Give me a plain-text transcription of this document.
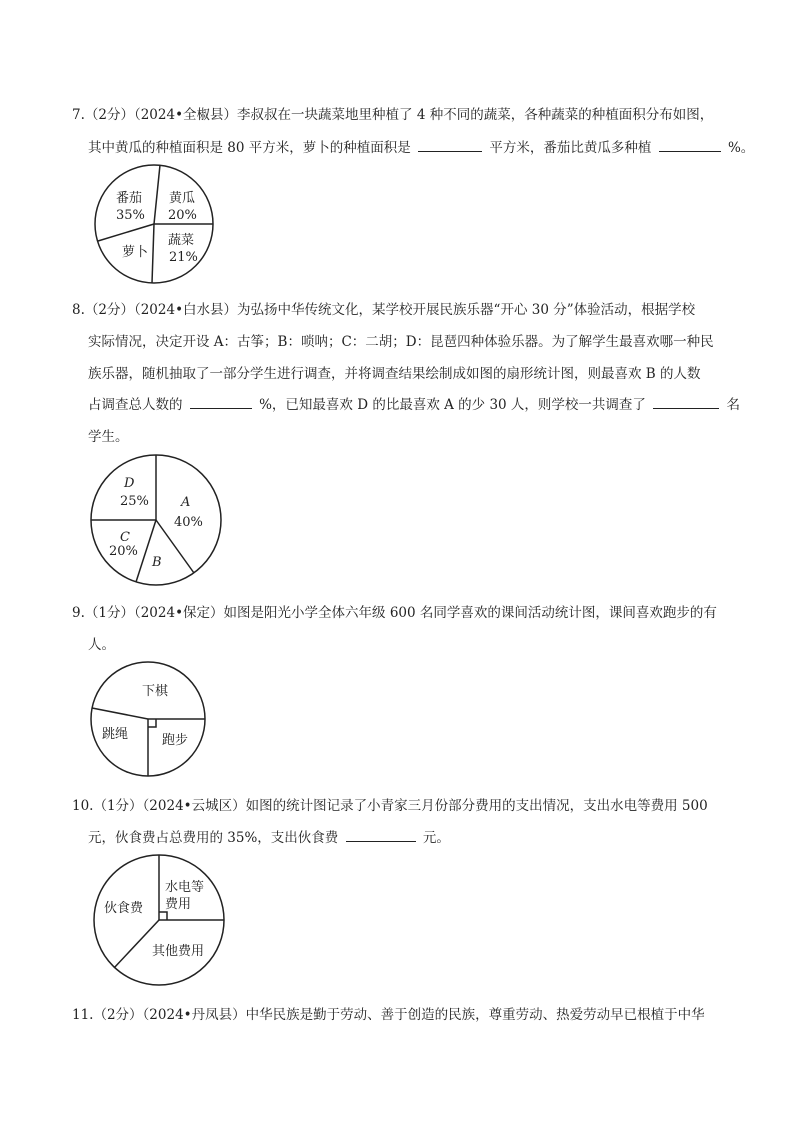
7.（2分）（2024•全椒县）李叔叔在一块蔬菜地里种植了 4 种不同的蔬菜，各种蔬菜的种植面积分布如图，
其中黄瓜的种植面积是 80 平方米，萝卜的种植面积是	平方米，番茄比黄瓜多种植	%。
番茄
35%
黄瓜
20%
萝卜
蔬菜
21%
8.（2分）（2024•白水县）为弘扬中华传统文化，某学校开展民族乐器“开心 30 分”体验活动，根据学校
实际情况，决定开设 A：古筝；B：唢呐；C：二胡；D：昆琶四种体验乐器。为了解学生最喜欢哪一种民
族乐器，随机抽取了一部分学生进行调查，并将调查结果绘制成如图的扇形统计图，则最喜欢 B 的人数
占调查总人数的	%，已知最喜欢 D 的比最喜欢 A 的少 30 人，则学校一共调查了	名
学生。
D
25% A
40%
C
20%
B
9.（1分）（2024•保定）如图是阳光小学全体六年级 600 名同学喜欢的课间活动统计图，课间喜欢跑步的有
人。
下棋
跳绳	跑步
10.（1分）（2024•云城区）如图的统计图记录了小青家三月份部分费用的支出情况，支出水电等费用 500
元，伙食费占总费用的 35%，支出伙食费	元。
伙食费
水电等
费用
其他费用
11.（2分）（2024•丹凤县）中华民族是勤于劳动、善于创造的民族，尊重劳动、热爱劳动早已根植于中华
